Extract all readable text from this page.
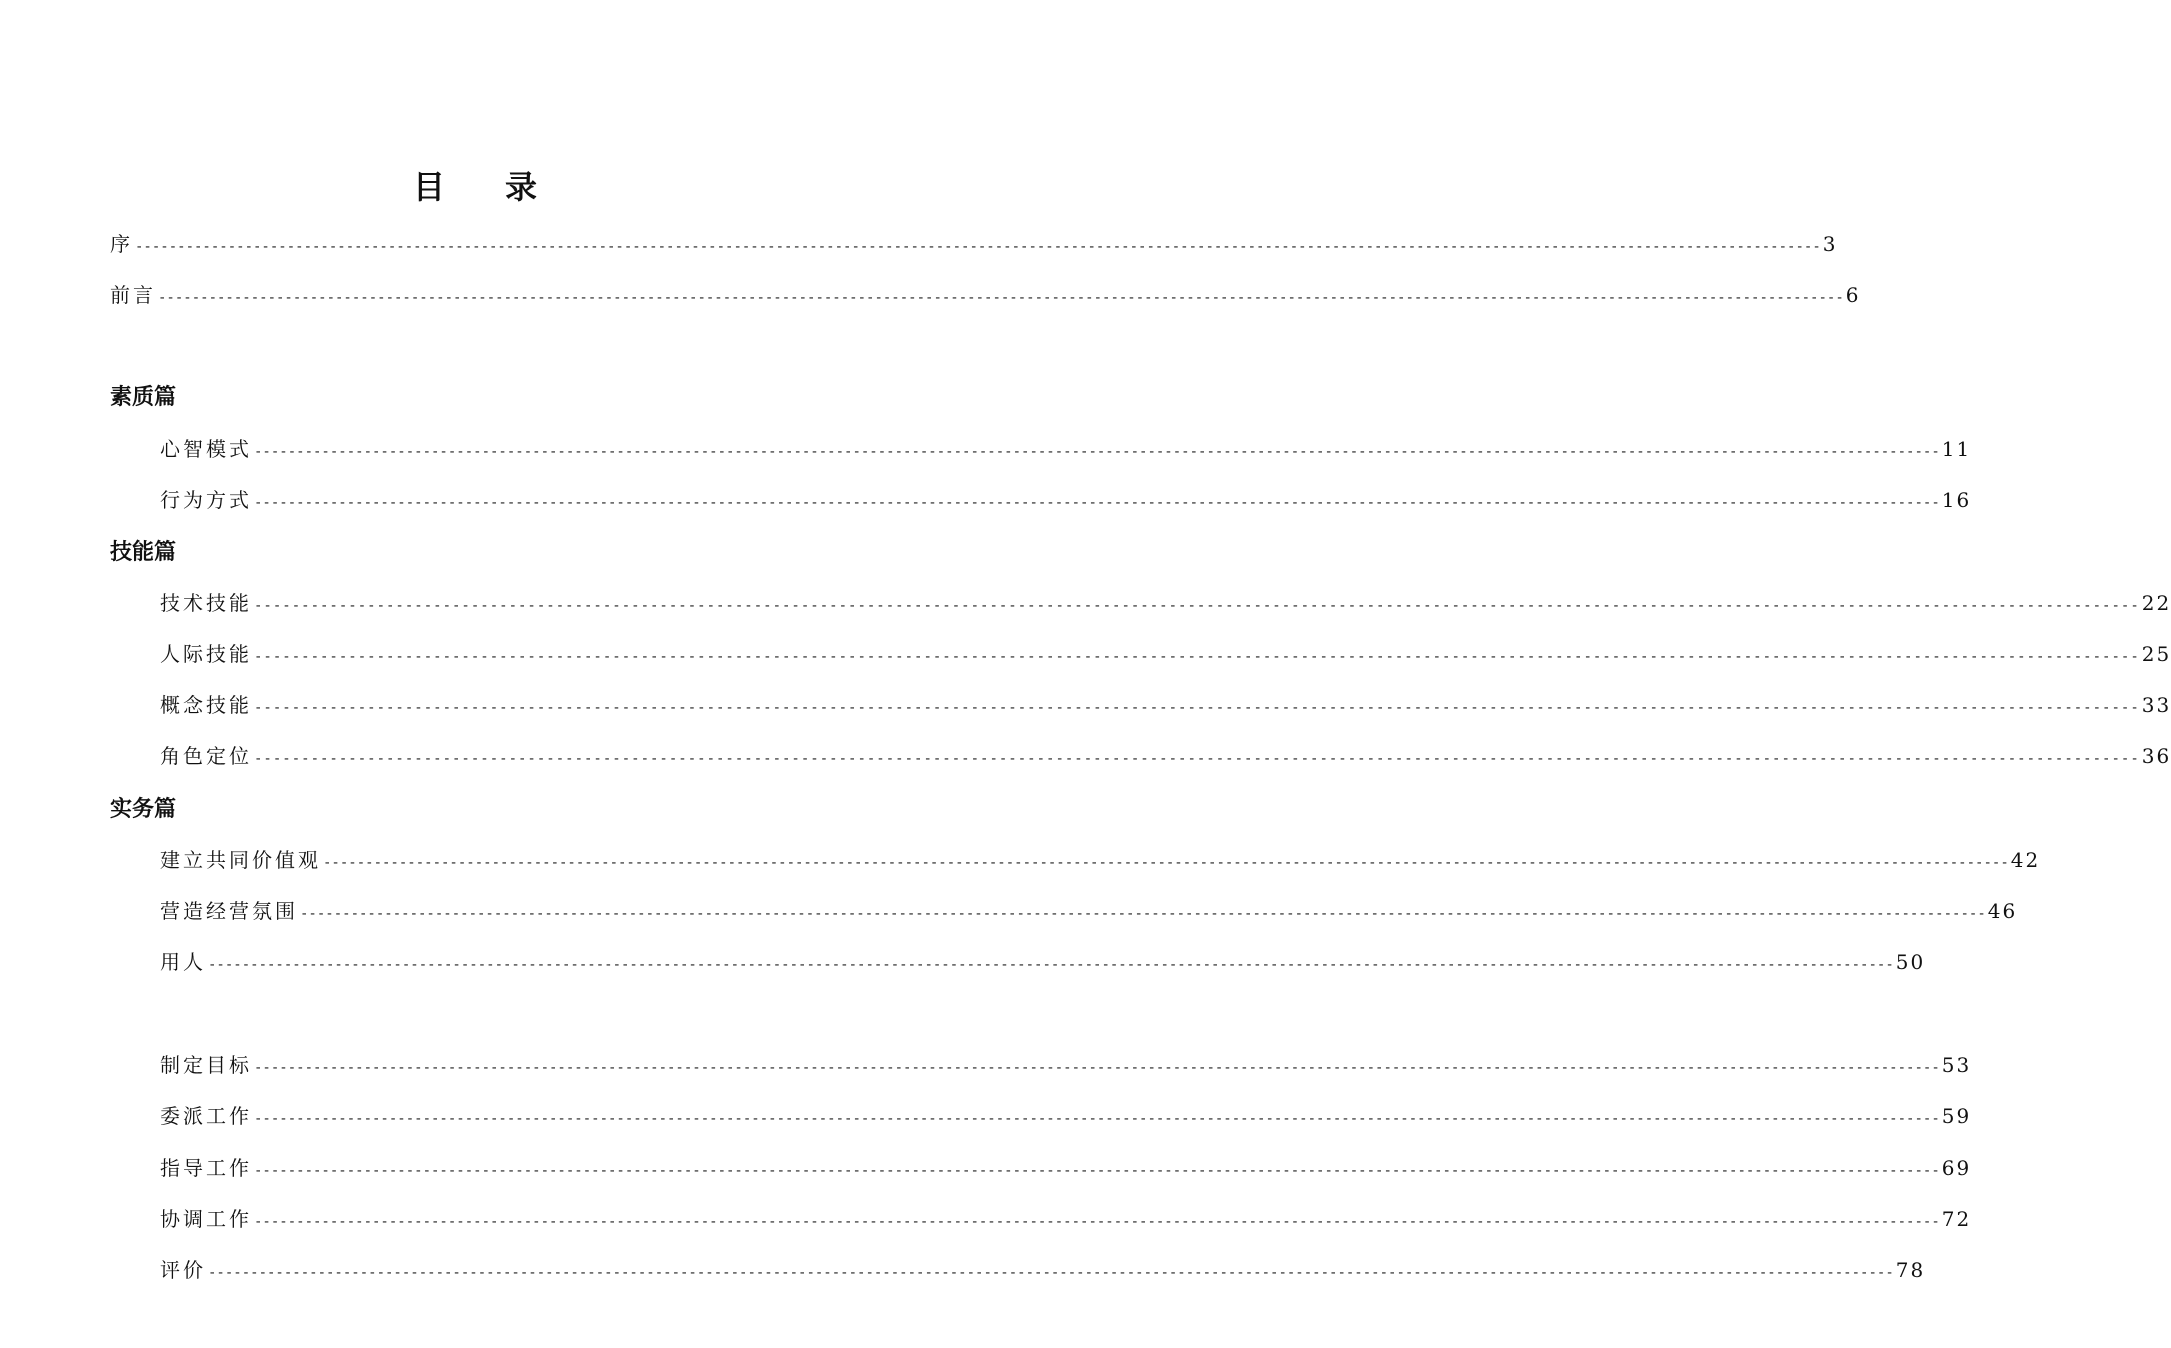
目 录
序 -------------------------------------------------------------------------------------------------------------------------------------------------------------------------------------------------------- 3
前言 -------------------------------------------------------------------------------------------------------------------------------------------------------------------------------------------------------- 6
素质篇
心智模式 -------------------------------------------------------------------------------------------------------------------------------------------------------------------------------------------------------- 11
行为方式 -------------------------------------------------------------------------------------------------------------------------------------------------------------------------------------------------------- 16
技能篇
技术技能 -------------------------------------------------------------------------------------------------------------------------------------------------------------------------------------------------------- 22
人际技能 -------------------------------------------------------------------------------------------------------------------------------------------------------------------------------------------------------- 25
概念技能 -------------------------------------------------------------------------------------------------------------------------------------------------------------------------------------------------------- 33
角色定位 -------------------------------------------------------------------------------------------------------------------------------------------------------------------------------------------------------- 36
实务篇
建立共同价值观 -------------------------------------------------------------------------------------------------------------------------------------------------------------------------------------------------------- 42
营造经营氛围 -------------------------------------------------------------------------------------------------------------------------------------------------------------------------------------------------------- 46
用人 -------------------------------------------------------------------------------------------------------------------------------------------------------------------------------------------------------- 50
制定目标 -------------------------------------------------------------------------------------------------------------------------------------------------------------------------------------------------------- 53
委派工作 -------------------------------------------------------------------------------------------------------------------------------------------------------------------------------------------------------- 59
指导工作 -------------------------------------------------------------------------------------------------------------------------------------------------------------------------------------------------------- 69
协调工作 -------------------------------------------------------------------------------------------------------------------------------------------------------------------------------------------------------- 72
评价 -------------------------------------------------------------------------------------------------------------------------------------------------------------------------------------------------------- 78
